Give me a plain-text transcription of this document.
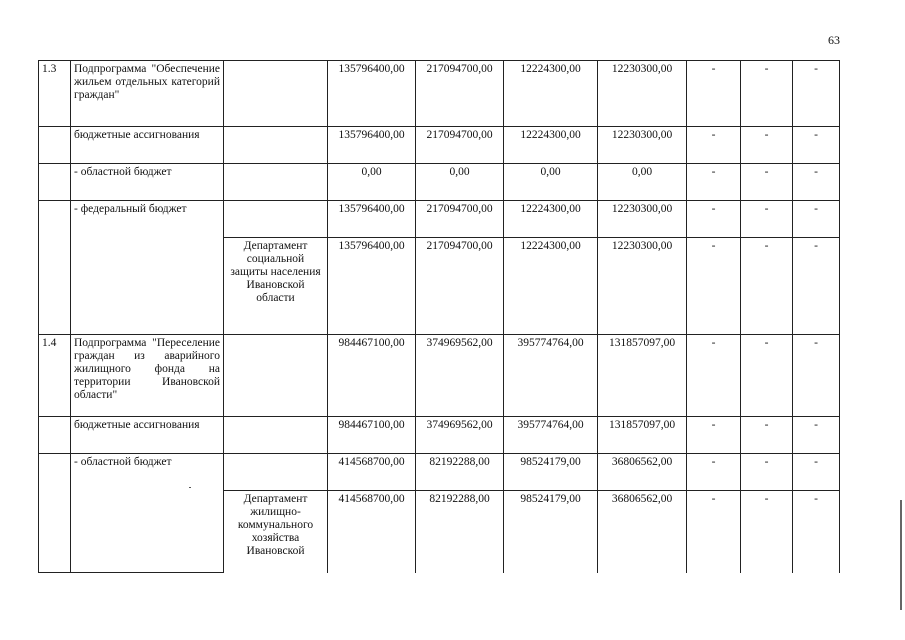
63
1.3	Подпрограмма "Обеспечение жильем отдельных категорий граждан"		135796400,00	217094700,00	12224300,00	12230300,00	-	-	-
	бюджетные ассигнования		135796400,00	217094700,00	12224300,00	12230300,00	-	-	-
	- областной бюджет		0,00	0,00	0,00	0,00	-	-	-
	- федеральный бюджет		135796400,00	217094700,00	12224300,00	12230300,00	-	-	-
		Департамент социальной защиты населения Ивановской области	135796400,00	217094700,00	12224300,00	12230300,00	-	-	-
1.4	Подпрограмма "Переселение граждан из аварийного жилищного фонда на территории Ивановской области"		984467100,00	374969562,00	395774764,00	131857097,00	-	-	-
	бюджетные ассигнования		984467100,00	374969562,00	395774764,00	131857097,00	-	-	-
	- областной бюджет		414568700,00	82192288,00	98524179,00	36806562,00	-	-	-
		Департамент жилищно-коммунального хозяйства Ивановской	414568700,00	82192288,00	98524179,00	36806562,00	-	-	-
